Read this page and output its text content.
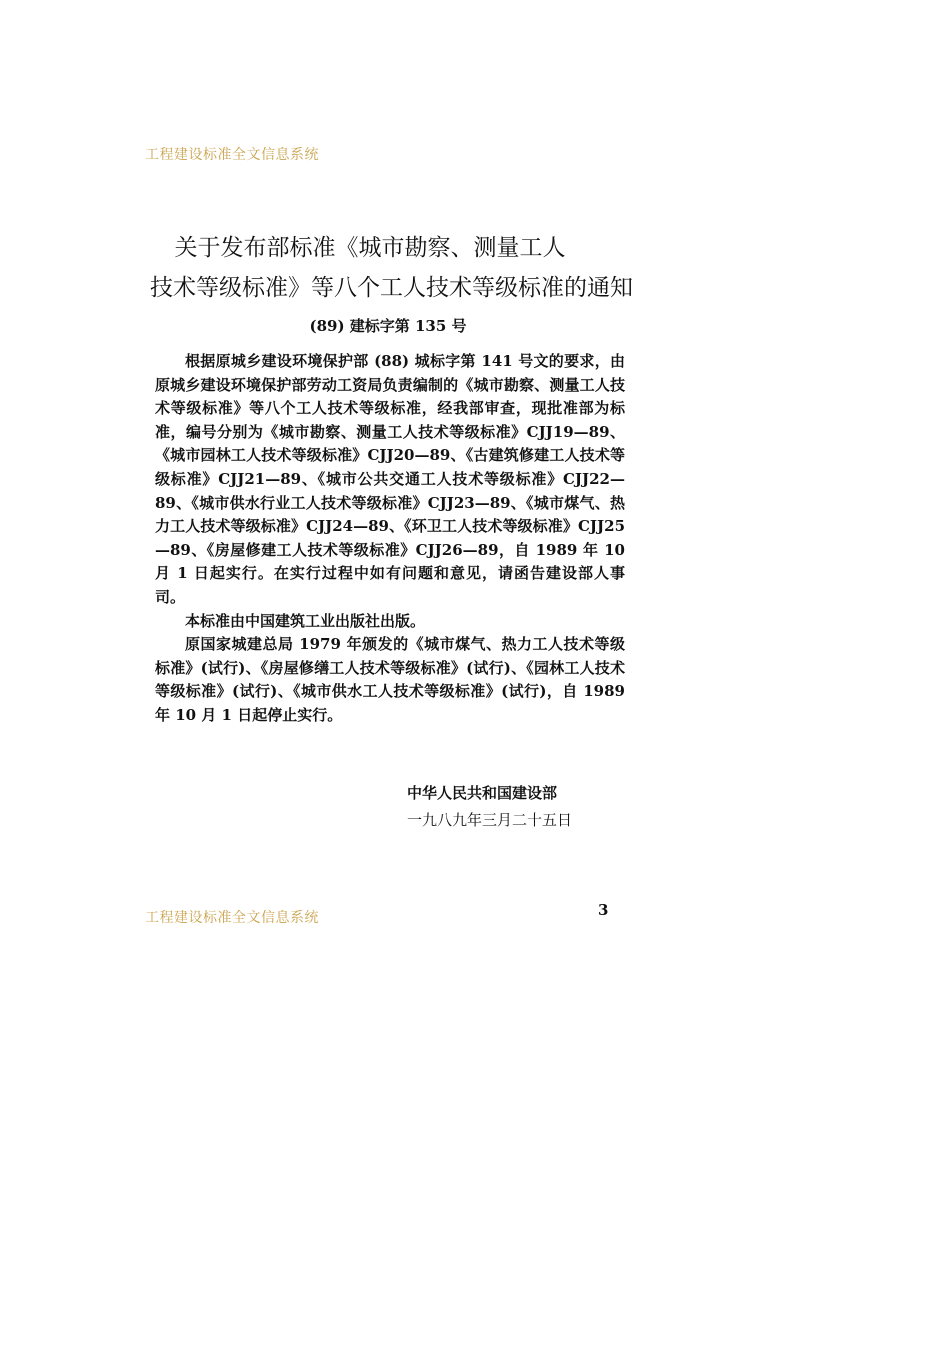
工程建设标准全文信息系统
关于发布部标准《城市勘察、测量工人
技术等级标准》等八个工人技术等级标准的通知
(89) 建标字第 135 号

根据原城乡建设环境保护部 (88) 城标字第 141 号文的要求，由原城乡建设环境保护部劳动工资局负责编制的《城市勘察、测量工人技术等级标准》等八个工人技术等级标准，经我部审查，现批准部为标准，编号分别为《城市勘察、测量工人技术等级标准》CJJ19—89、《城市园林工人技术等级标准》CJJ20—89、《古建筑修建工人技术等级标准》CJJ21—89、《城市公共交通工人技术等级标准》CJJ22—89、《城市供水行业工人技术等级标准》CJJ23—89、《城市煤气、热力工人技术等级标准》CJJ24—89、《环卫工人技术等级标准》CJJ25—89、《房屋修建工人技术等级标准》CJJ26—89，自 1989 年 10 月 1 日起实行。在实行过程中如有问题和意见，请函告建设部人事司。

本标准由中国建筑工业出版社出版。

原国家城建总局 1979 年颁发的《城市煤气、热力工人技术等级标准》(试行)、《房屋修缮工人技术等级标准》(试行)、《园林工人技术等级标准》(试行)、《城市供水工人技术等级标准》(试行)，自 1989 年 10 月 1 日起停止实行。

中华人民共和国建设部
一九八九年三月二十五日
工程建设标准全文信息系统	3
